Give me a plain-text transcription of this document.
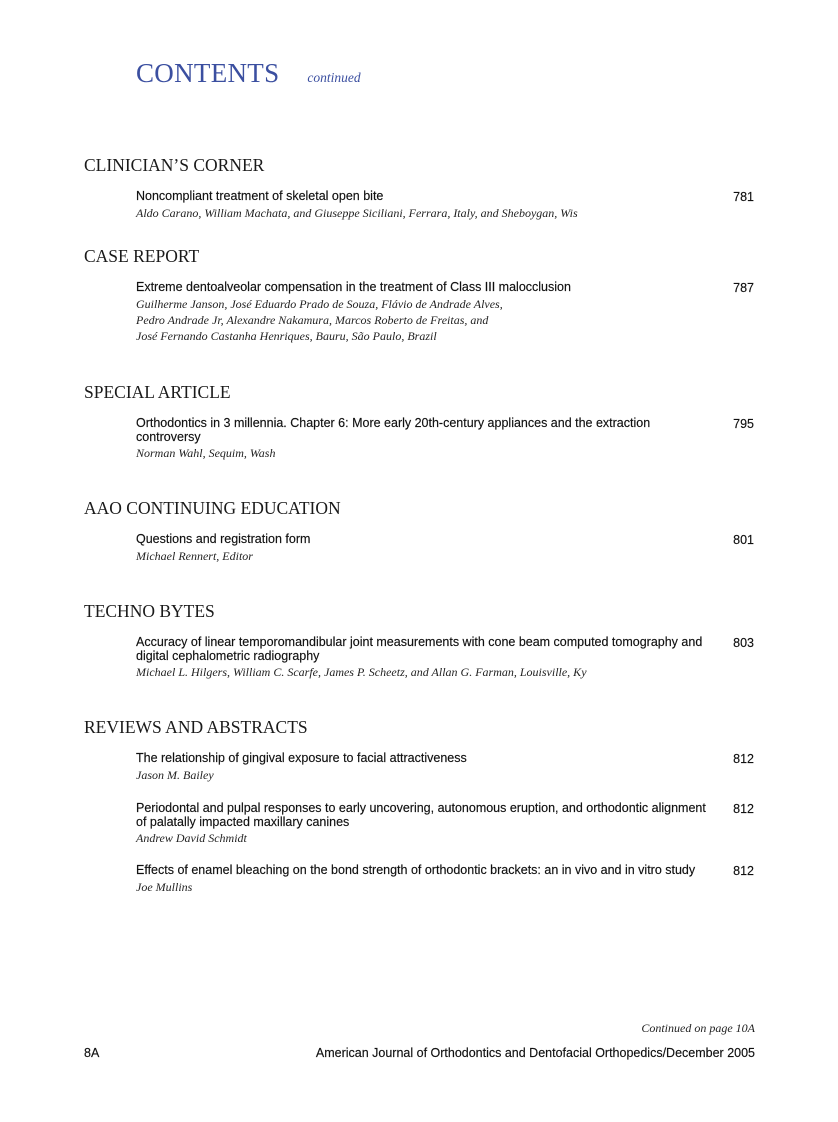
CONTENTS continued
CLINICIAN’S CORNER
Noncompliant treatment of skeletal open bite	781
Aldo Carano, William Machata, and Giuseppe Siciliani, Ferrara, Italy, and Sheboygan, Wis
CASE REPORT
Extreme dentoalveolar compensation in the treatment of Class III malocclusion	787
Guilherme Janson, José Eduardo Prado de Souza, Flávio de Andrade Alves,
Pedro Andrade Jr, Alexandre Nakamura, Marcos Roberto de Freitas, and
José Fernando Castanha Henriques, Bauru, São Paulo, Brazil
SPECIAL ARTICLE
Orthodontics in 3 millennia. Chapter 6: More early 20th-century appliances and the extraction controversy
795
Norman Wahl, Sequim, Wash
AAO CONTINUING EDUCATION
Questions and registration form	801
Michael Rennert, Editor
TECHNO BYTES
Accuracy of linear temporomandibular joint measurements with cone beam computed tomography and digital cephalometric radiography
803
Michael L. Hilgers, William C. Scarfe, James P. Scheetz, and Allan G. Farman, Louisville, Ky
REVIEWS AND ABSTRACTS
The relationship of gingival exposure to facial attractiveness	812
Jason M. Bailey
Periodontal and pulpal responses to early uncovering, autonomous eruption, and orthodontic alignment of palatally impacted maxillary canines
812
Andrew David Schmidt
Effects of enamel bleaching on the bond strength of orthodontic brackets: an in vivo and in vitro study	812
Joe Mullins
Continued on page 10A
8A	American Journal of Orthodontics and Dentofacial Orthopedics/December 2005
